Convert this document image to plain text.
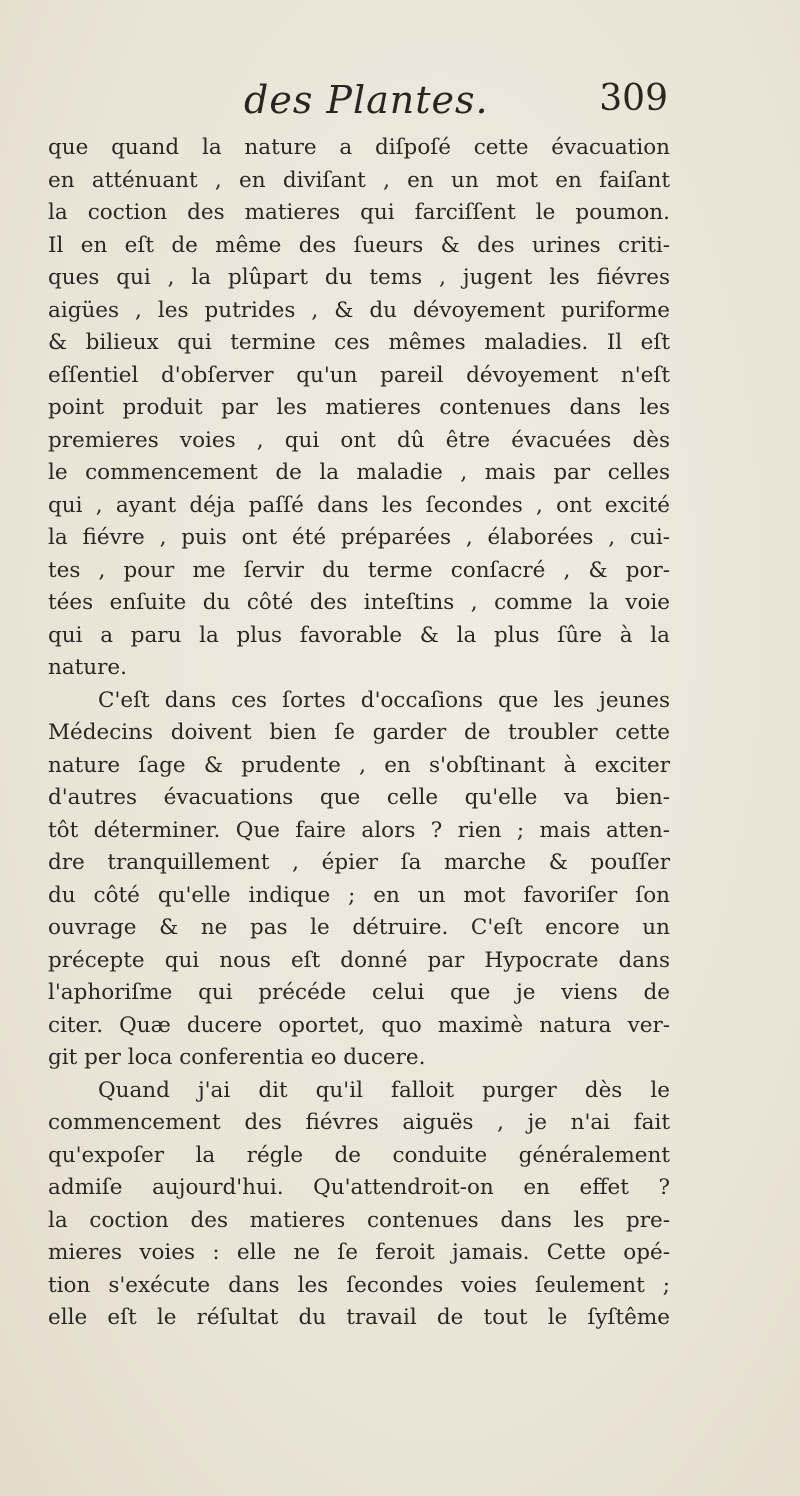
des Plantes.	309
que quand la nature a diſpoſé cette évacuation
en atténuant , en diviſant , en un mot en faiſant
la coction des matieres qui farciſſent le poumon.
Il en eſt de même des ſueurs & des urines criti-
ques qui , la plûpart du tems , jugent les fiévres
aigües , les putrides , & du dévoyement puriforme
& bilieux qui termine ces mêmes maladies. Il eſt
eſſentiel d'obſerver qu'un pareil dévoyement n'eſt
point produit par les matieres contenues dans les
premieres voies , qui ont dû être évacuées dès
le commencement de la maladie , mais par celles
qui , ayant déja paſſé dans les ſecondes , ont excité
la fiévre , puis ont été préparées , élaborées , cui-
tes , pour me ſervir du terme conſacré , & por-
tées enſuite du côté des inteſtins , comme la voie
qui a paru la plus favorable & la plus ſûre à la
nature.
C'eſt dans ces ſortes d'occaſions que les jeunes
Médecins doivent bien ſe garder de troubler cette
nature ſage & prudente , en s'obſtinant à exciter
d'autres évacuations que celle qu'elle va bien-
tôt déterminer. Que faire alors ? rien ; mais atten-
dre tranquillement , épier ſa marche & pouſſer
du côté qu'elle indique ; en un mot favoriſer ſon
ouvrage & ne pas le détruire. C'eſt encore un
précepte qui nous eſt donné par Hypocrate dans
l'aphoriſme qui précéde celui que je viens de
citer. Quæ ducere oportet, quo maximè natura ver-
git per loca conferentia eo ducere.
Quand j'ai dit qu'il falloit purger dès le
commencement des fiévres aiguës , je n'ai fait
qu'expoſer la régle de conduite généralement
admiſe aujourd'hui. Qu'attendroit-on en effet ?
la coction des matieres contenues dans les pre-
mieres voies : elle ne ſe feroit jamais. Cette opé-
tion s'exécute dans les ſecondes voies ſeulement ;
elle eſt le réſultat du travail de tout le ſyſtême
